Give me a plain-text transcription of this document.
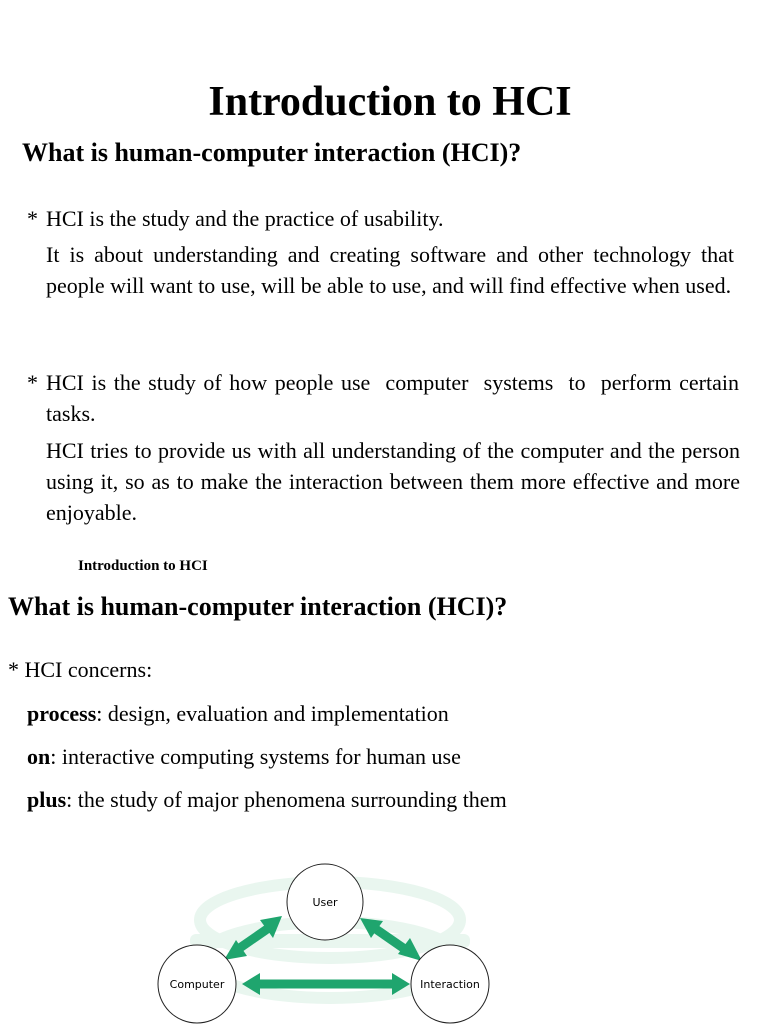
Introduction to HCI
What is human-computer interaction (HCI)?
* HCI is the study and the practice of usability.
It is about understanding and creating software and other technology that people will want to use, will be able to use, and will find effective when used.
* HCI is the study of how people use  computer  systems  to  perform certain tasks.
HCI tries to provide us with all understanding of the computer and the person using it, so as to make the interaction between them more effective and more enjoyable.
Introduction to HCI
What is human-computer interaction (HCI)?
* HCI concerns:
process: design, evaluation and implementation
on: interactive computing systems for human use
plus: the study of major phenomena surrounding them
User
Computer	Interaction
